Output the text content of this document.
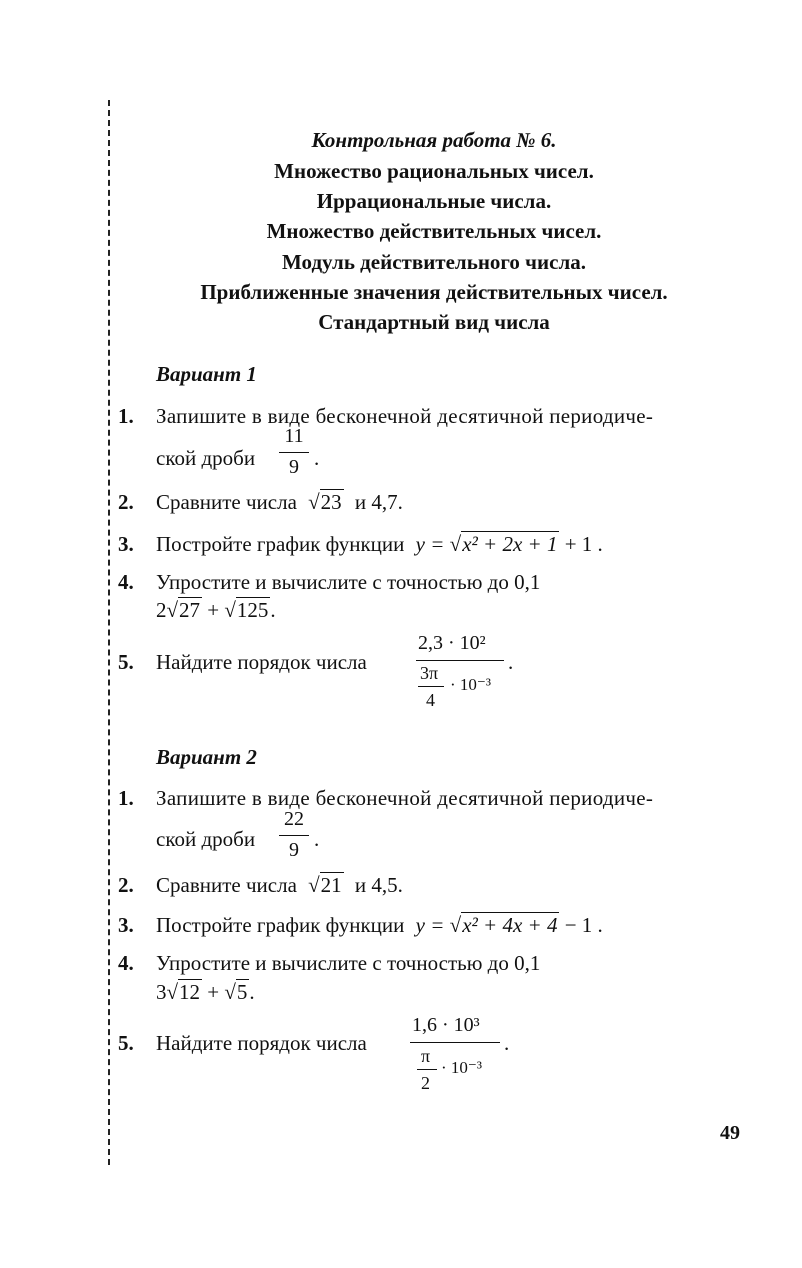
Контрольная работа № 6.
Множество рациональных чисел.
Иррациональные числа.
Множество действительных чисел.
Модуль действительного числа.
Приближенные значения действительных чисел.
Стандартный вид числа
Вариант 1
1. Запишите в виде бесконечной десятичной периодиче-
ской дроби
11
9 .
2. Сравните числа √23 и 4,7.
3. Постройте график функции y = √x² + 2x + 1 + 1 .
4. Упростите и вычислите с точностью до 0,1
2√27 + √125.
5. Найдите порядок числа
2,3 · 10²
3π
4
· 10⁻³
.
Вариант 2
1. Запишите в виде бесконечной десятичной периодиче-
ской дроби
22
9 .
2. Сравните числа √21 и 4,5.
3. Постройте график функции y = √x² + 4x + 4 − 1 .
4. Упростите и вычислите с точностью до 0,1
3√12 + √5.
5. Найдите порядок числа
1,6 · 10³
π
2
· 10⁻³
.
49
